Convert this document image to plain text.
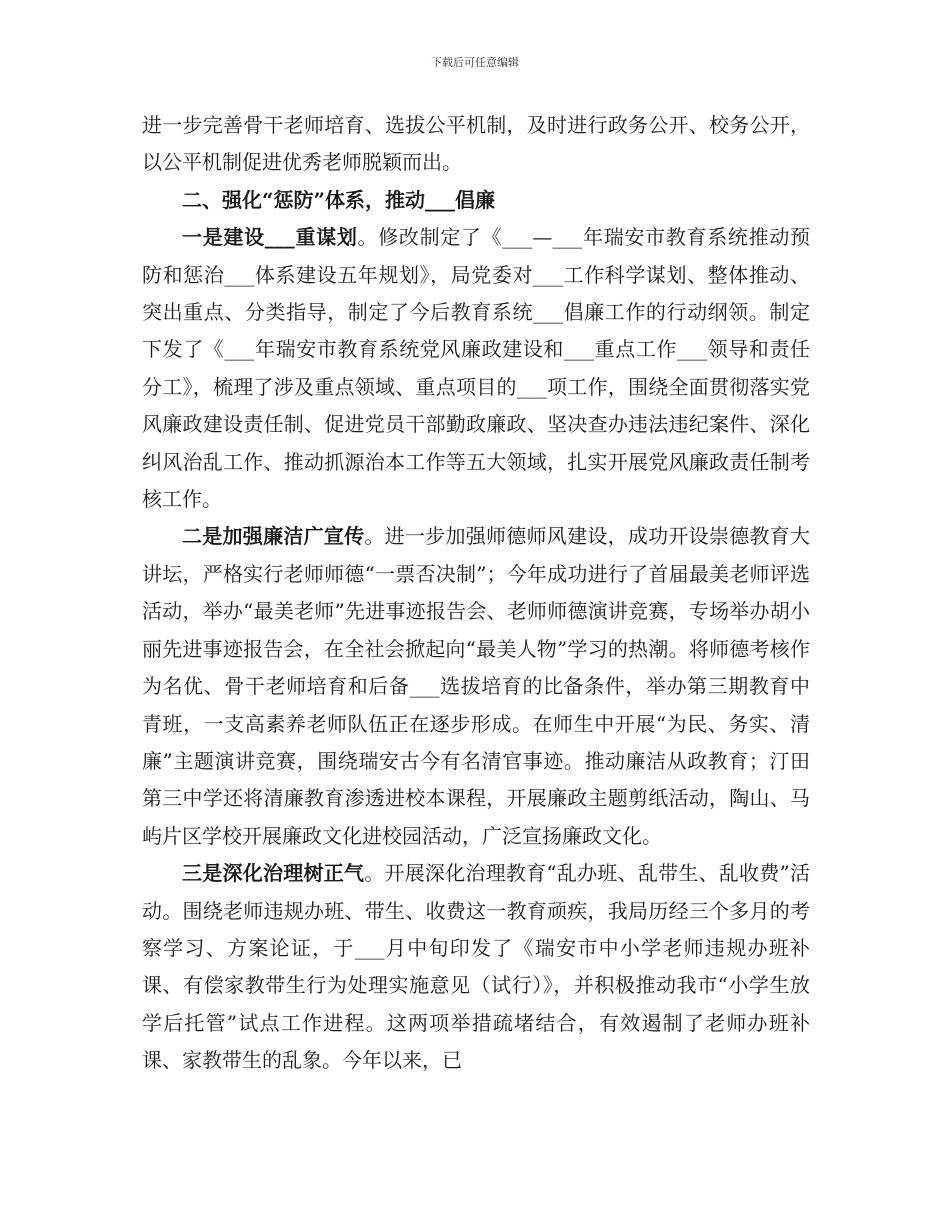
下载后可任意编辑

进一步完善骨干老师培育、选拔公平机制，及时进行政务公开、校务公开，以公平机制促进优秀老师脱颖而出。

二、强化“惩防”体系，推动___倡廉

一是建设___重谋划。修改制定了《___—___年瑞安市教育系统推动预防和惩治___体系建设五年规划》，局党委对___工作科学谋划、整体推动、突出重点、分类指导，制定了今后教育系统___倡廉工作的行动纲领。制定下发了《___年瑞安市教育系统党风廉政建设和___重点工作___领导和责任分工》，梳理了涉及重点领域、重点项目的___项工作，围绕全面贯彻落实党风廉政建设责任制、促进党员干部勤政廉政、坚决查办违法违纪案件、深化纠风治乱工作、推动抓源治本工作等五大领域，扎实开展党风廉政责任制考核工作。

二是加强廉洁广宣传。进一步加强师德师风建设，成功开设崇德教育大讲坛，严格实行老师师德“一票否决制”；今年成功进行了首届最美老师评选活动，举办“最美老师”先进事迹报告会、老师师德演讲竞赛，专场举办胡小丽先进事迹报告会，在全社会掀起向“最美人物”学习的热潮。将师德考核作为名优、骨干老师培育和后备___选拔培育的比备条件，举办第三期教育中青班，一支高素养老师队伍正在逐步形成。在师生中开展“为民、务实、清廉”主题演讲竞赛，围绕瑞安古今有名清官事迹。推动廉洁从政教育；汀田第三中学还将清廉教育渗透进校本课程，开展廉政主题剪纸活动，陶山、马屿片区学校开展廉政文化进校园活动，广泛宣扬廉政文化。

三是深化治理树正气。开展深化治理教育“乱办班、乱带生、乱收费”活动。围绕老师违规办班、带生、收费这一教育顽疾，我局历经三个多月的考察学习、方案论证，于___月中旬印发了《瑞安市中小学老师违规办班补课、有偿家教带生行为处理实施意见（试行）》，并积极推动我市“小学生放学后托管”试点工作进程。这两项举措疏堵结合，有效遏制了老师办班补课、家教带生的乱象。今年以来，已
